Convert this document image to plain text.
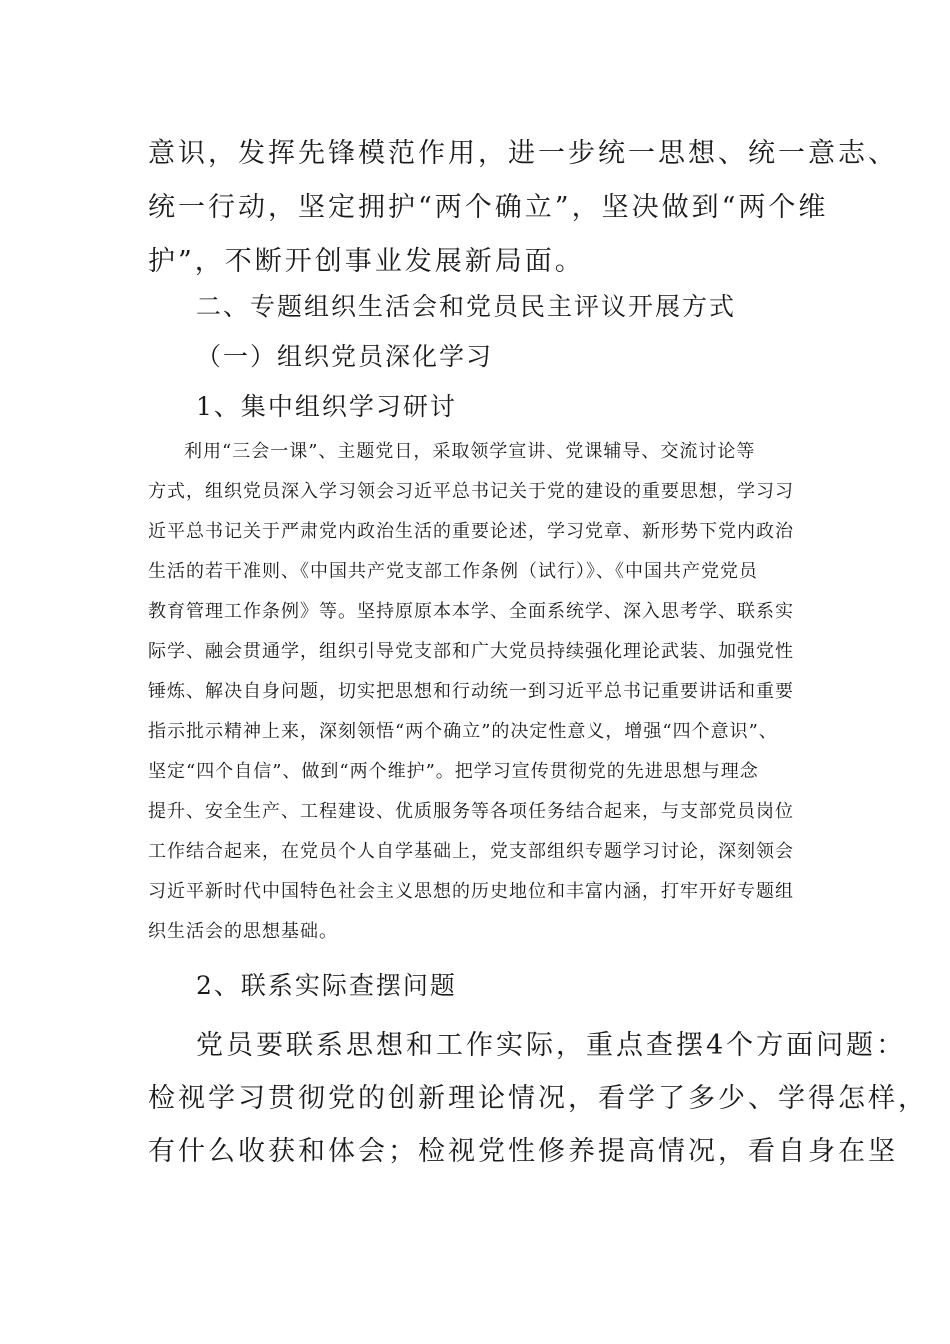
意识，发挥先锋模范作用，进一步统一思想、统一意志、

统一行动，坚定拥护“两个确立”，坚决做到“两个维

护”，不断开创事业发展新局面。

二、专题组织生活会和党员民主评议开展方式

（一）组织党员深化学习

1、集中组织学习研讨

利用“三会一课”、主题党日，采取领学宣讲、党课辅导、交流讨论等

方式，组织党员深入学习领会习近平总书记关于党的建设的重要思想，学习习

近平总书记关于严肃党内政治生活的重要论述，学习党章、新形势下党内政治

生活的若干准则、《中国共产党支部工作条例（试行）》、《中国共产党党员

教育管理工作条例》等。坚持原原本本学、全面系统学、深入思考学、联系实

际学、融会贯通学，组织引导党支部和广大党员持续强化理论武装、加强党性

锤炼、解决自身问题，切实把思想和行动统一到习近平总书记重要讲话和重要

指示批示精神上来，深刻领悟“两个确立”的决定性意义，增强“四个意识”、

坚定“四个自信”、做到“两个维护”。把学习宣传贯彻党的先进思想与理念

提升、安全生产、工程建设、优质服务等各项任务结合起来，与支部党员岗位

工作结合起来，在党员个人自学基础上，党支部组织专题学习讨论，深刻领会

习近平新时代中国特色社会主义思想的历史地位和丰富内涵，打牢开好专题组

织生活会的思想基础。

2、联系实际查摆问题

党员要联系思想和工作实际，重点查摆4个方面问题：

检视学习贯彻党的创新理论情况，看学了多少、学得怎样，

有什么收获和体会；检视党性修养提高情况，看自身在坚
